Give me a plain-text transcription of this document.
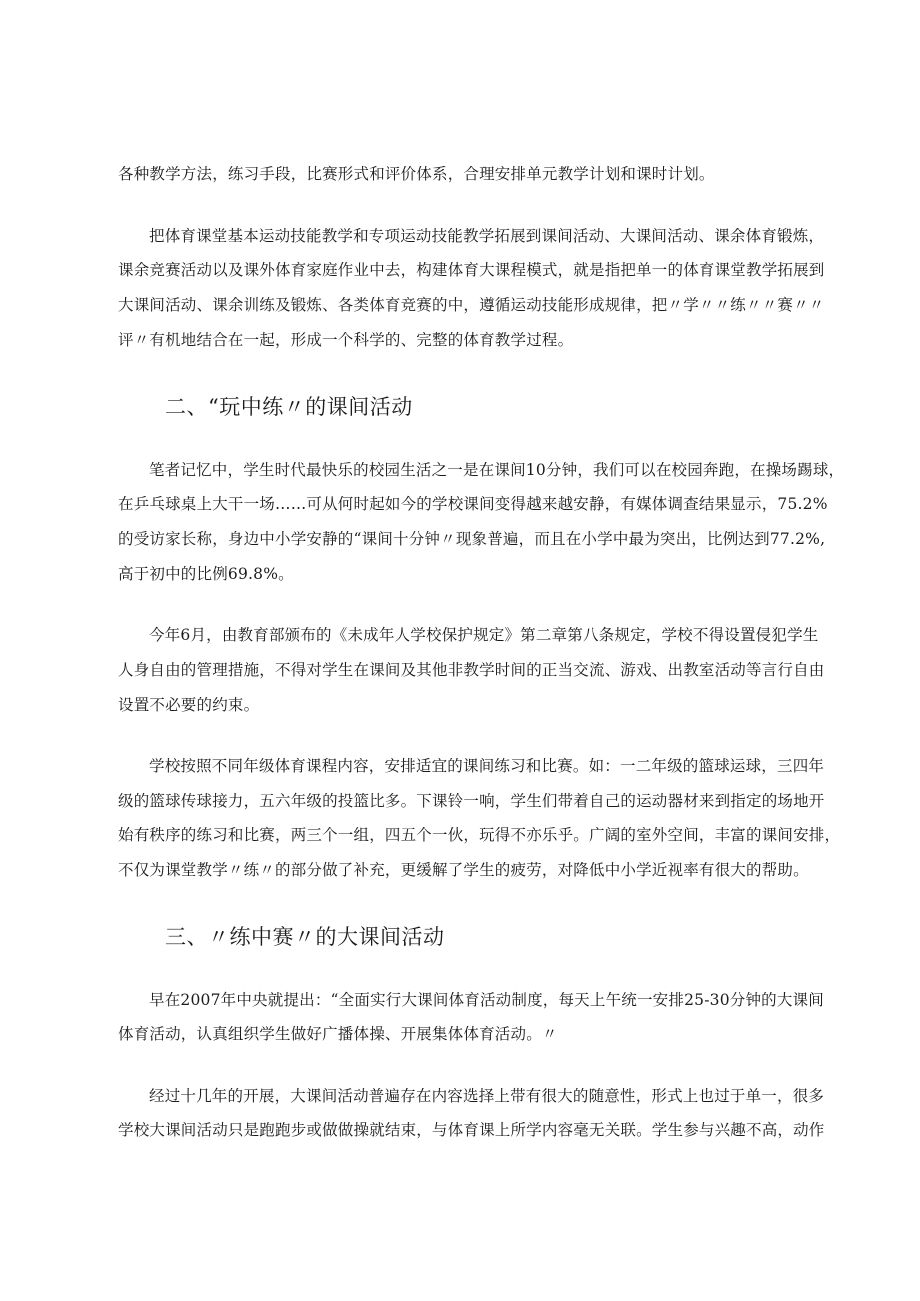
各种教学方法，练习手段，比赛形式和评价体系，合理安排单元教学计划和课时计划。
把体育课堂基本运动技能教学和专项运动技能教学拓展到课间活动、大课间活动、课余体育锻炼，
课余竞赛活动以及课外体育家庭作业中去，构建体育大课程模式，就是指把单一的体育课堂教学拓展到
大课间活动、课余训练及锻炼、各类体育竞赛的中，遵循运动技能形成规律，把〃学〃〃练〃〃赛〃〃
评〃有机地结合在一起，形成一个科学的、完整的体育教学过程。
二、“玩中练〃的课间活动
笔者记忆中，学生时代最快乐的校园生活之一是在课间10分钟，我们可以在校园奔跑，在操场踢球，
在乒乓球桌上大干一场……可从何时起如今的学校课间变得越来越安静，有媒体调查结果显示，75.2%
的受访家长称，身边中小学安静的“课间十分钟〃现象普遍，而且在小学中最为突出，比例达到77.2%,
高于初中的比例69.8%。
今年6月，由教育部颁布的《未成年人学校保护规定》第二章第八条规定，学校不得设置侵犯学生
人身自由的管理措施，不得对学生在课间及其他非教学时间的正当交流、游戏、出教室活动等言行自由
设置不必要的约束。
学校按照不同年级体育课程内容，安排适宜的课间练习和比赛。如：一二年级的篮球运球，三四年
级的篮球传球接力，五六年级的投篮比多。下课铃一响，学生们带着自己的运动器材来到指定的场地开
始有秩序的练习和比赛，两三个一组，四五个一伙，玩得不亦乐乎。广阔的室外空间，丰富的课间安排，
不仅为课堂教学〃练〃的部分做了补充，更缓解了学生的疲劳，对降低中小学近视率有很大的帮助。
三、〃练中赛〃的大课间活动
早在2007年中央就提出：“全面实行大课间体育活动制度，每天上午统一安排25-30分钟的大课间
体育活动，认真组织学生做好广播体操、开展集体体育活动。〃
经过十几年的开展，大课间活动普遍存在内容选择上带有很大的随意性，形式上也过于单一，很多
学校大课间活动只是跑跑步或做做操就结束，与体育课上所学内容毫无关联。学生参与兴趣不高，动作
